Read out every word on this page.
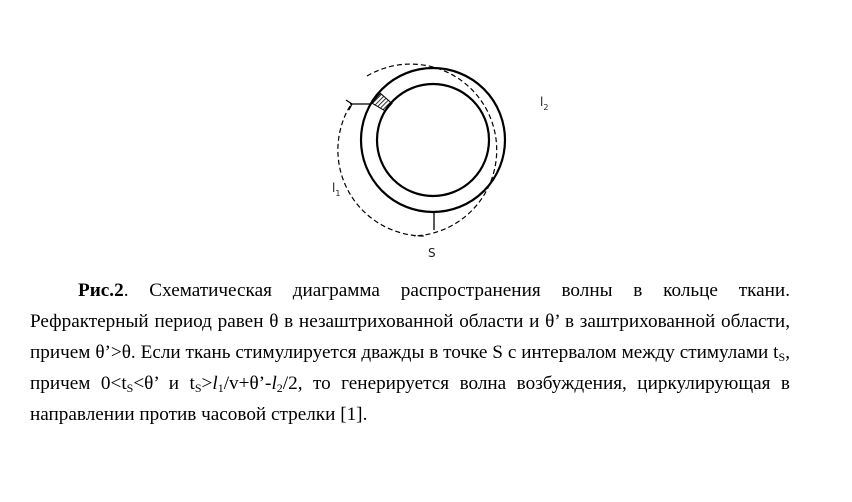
S
$l_1$
$l_2$
Рис.2. Схематическая диаграмма распространения волны в кольце ткани. Рефрактерный период равен θ в незаштрихованной области и θ’ в заштрихованной области, причем θ’>θ. Если ткань стимулируется дважды в точке S с интервалом между стимулами $t_S$, причем $0<t_S<\theta$’ и $t_S>l_1/v+\theta’-l_2/2$, то генерируется волна возбуждения, циркулирующая в направлении против часовой стрелки [1].
